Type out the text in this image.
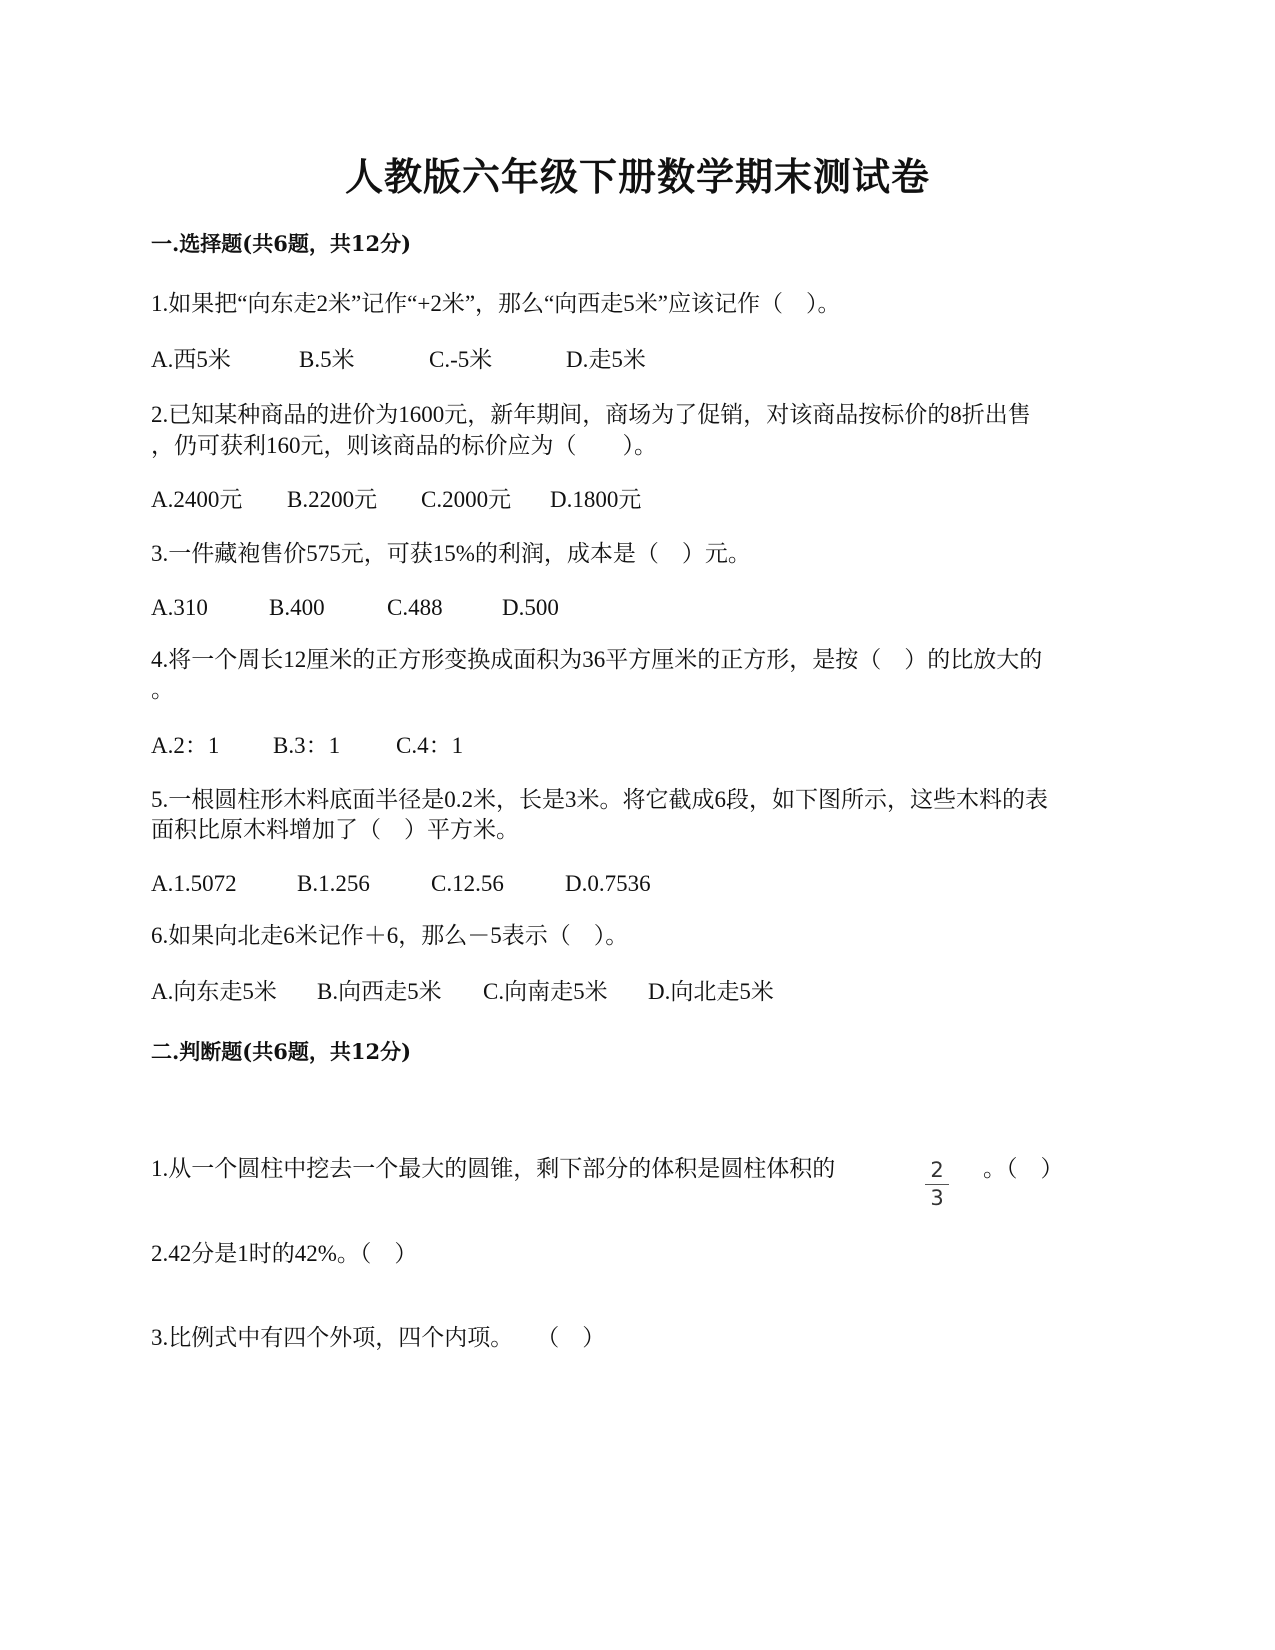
人教版六年级下册数学期末测试卷
一.选择题(共6题，共12分)
1.如果把“向东走2米”记作“+2米”，那么“向西走5米”应该记作（　）。
A.西5米	B.5米	C.-5米	D.走5米
2.已知某种商品的进价为1600元，新年期间，商场为了促销，对该商品按标价的8折出售
，仍可获利160元，则该商品的标价应为（　　）。
A.2400元	B.2200元	C.2000元	D.1800元
3.一件藏袍售价575元，可获15%的利润，成本是（　）元。
A.310	B.400	C.488	D.500
4.将一个周长12厘米的正方形变换成面积为36平方厘米的正方形，是按（　）的比放大的
。
A.2：1	B.3：1	C.4：1
5.一根圆柱形木料底面半径是0.2米，长是3米。将它截成6段，如下图所示，这些木料的表
面积比原木料增加了（　）平方米。
A.1.5072	B.1.256	C.12.56	D.0.7536
6.如果向北走6米记作＋6，那么－5表示（　）。
A.向东走5米	B.向西走5米	C.向南走5米	D.向北走5米
二.判断题(共6题，共12分)
1.从一个圆柱中挖去一个最大的圆锥，剩下部分的体积是圆柱体积的	2
3
。（　）
2.42分是1时的42%。（　）
3.比例式中有四个外项，四个内项。　　（　）
